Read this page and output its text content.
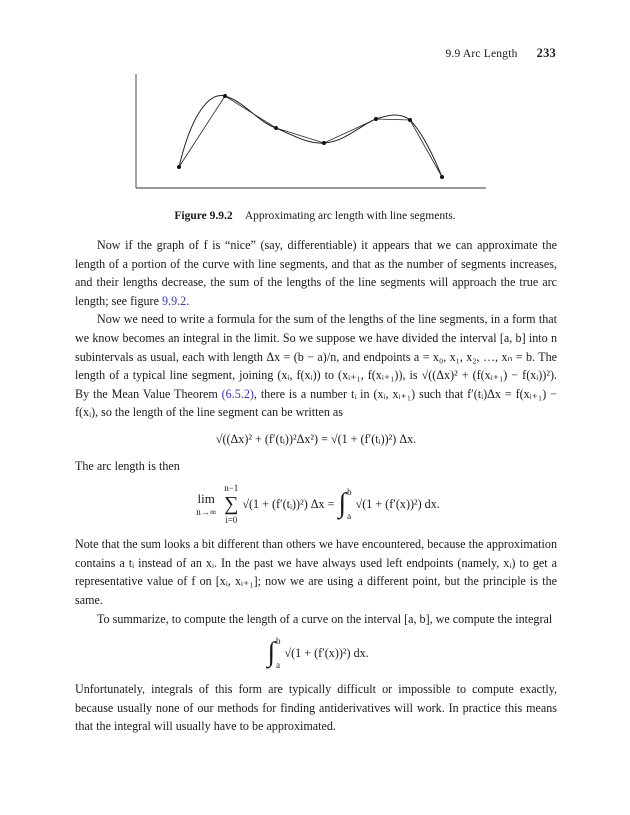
9.9 Arc Length 233
Figure 9.9.2 Approximating arc length with line segments.

Now if the graph of f is “nice” (say, differentiable) it appears that we can approximate the length of a portion of the curve with line segments, and that as the number of segments increases, and their lengths decrease, the sum of the lengths of the line segments will approach the true arc length; see figure 9.9.2.

Now we need to write a formula for the sum of the lengths of the line segments, in a form that we know becomes an integral in the limit. So we suppose we have divided the interval [a, b] into n subintervals as usual, each with length Δx = (b − a)/n, and endpoints a = x₀, x₁, x₂, …, xₙ = b. The length of a typical line segment, joining (xᵢ, f(xᵢ)) to (xᵢ₊₁, f(xᵢ₊₁)), is √((Δx)² + (f(xᵢ₊₁) − f(xᵢ))²). By the Mean Value Theorem (6.5.2), there is a number tᵢ in (xᵢ, xᵢ₊₁) such that f′(tᵢ)Δx = f(xᵢ₊₁) − f(xᵢ), so the length of the line segment can be written as

√((Δx)² + (f′(tᵢ))²Δx²) = √(1 + (f′(tᵢ))²) Δx.

The arc length is then

lim
n→∞
n−1
∑
i=0
√(1 + (f′(tᵢ))²) Δx = ∫ b
a
√(1 + (f′(x))²) dx.

Note that the sum looks a bit different than others we have encountered, because the approximation contains a tᵢ instead of an xᵢ. In the past we have always used left endpoints (namely, xᵢ) to get a representative value of f on [xᵢ, xᵢ₊₁]; now we are using a different point, but the principle is the same.

To summarize, to compute the length of a curve on the interval [a, b], we compute the integral

∫ b
a
√(1 + (f′(x))²) dx.

Unfortunately, integrals of this form are typically difficult or impossible to compute exactly, because usually none of our methods for finding antiderivatives will work. In practice this means that the integral will usually have to be approximated.
